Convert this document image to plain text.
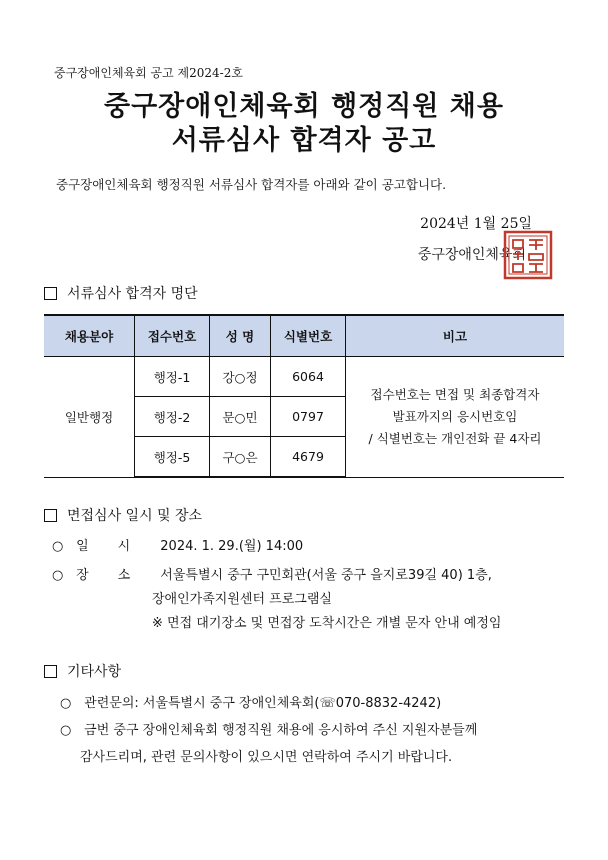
중구장애인체육회 공고 제2024-2호
중구장애인체육회 행정직원 채용
서류심사 합격자 공고
중구장애인체육회 행정직원 서류심사 합격자를 아래와 같이 공고합니다.
2024년 1월 25일
중구장애인체육회
서류심사 합격자 명단
채용분야	접수번호	성 명	식별번호	비고
일반행정	행정-1	강○정	6064	접수번호는 면접 및 최종합격자
발표까지의 응시번호임
/ 식별번호는 개인전화 끝 4자리

	행정-2	문○민	0797	
	행정-5	구○은	4679	
면접심사 일시 및 장소
○ 일       시 2024. 1. 29.(월) 14:00
○ 장       소 서울특별시 중구 구민회관(서울 중구 을지로39길 40) 1층,
장애인가족지원센터 프로그램실
※ 면접 대기장소 및 면접장 도착시간은 개별 문자 안내 예정임
기타사항
○ 관련문의: 서울특별시 중구 장애인체육회(☏070-8832-4242)
○ 금번 중구 장애인체육회 행정직원 채용에 응시하여 주신 지원자분들께
감사드리며, 관련 문의사항이 있으시면 연락하여 주시기 바랍니다.
